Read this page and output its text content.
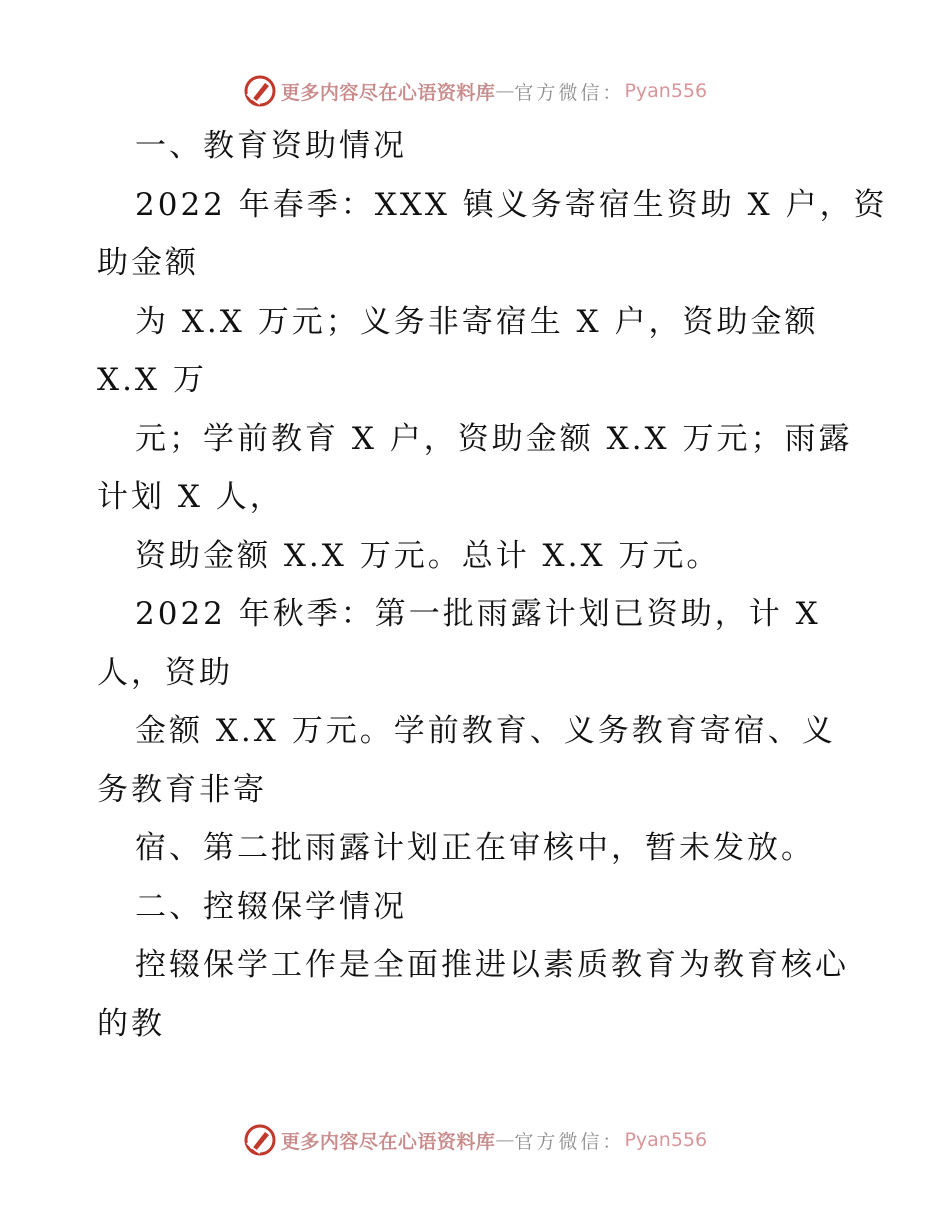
更多内容尽在心语资料库 — 官方微信： Pyan556

一、教育资助情况

2022 年春季：XXX 镇义务寄宿生资助 X 户，资

助金额

为 X.X 万元；义务非寄宿生 X 户，资助金额

X.X 万

元；学前教育 X 户，资助金额 X.X 万元；雨露

计划 X 人，

资助金额 X.X 万元。总计 X.X 万元。

2022 年秋季：第一批雨露计划已资助，计 X

人，资助

金额 X.X 万元。学前教育、义务教育寄宿、义

务教育非寄

宿、第二批雨露计划正在审核中，暂未发放。

二、控辍保学情况

控辍保学工作是全面推进以素质教育为教育核心

的教

更多内容尽在心语资料库 — 官方微信： Pyan556
